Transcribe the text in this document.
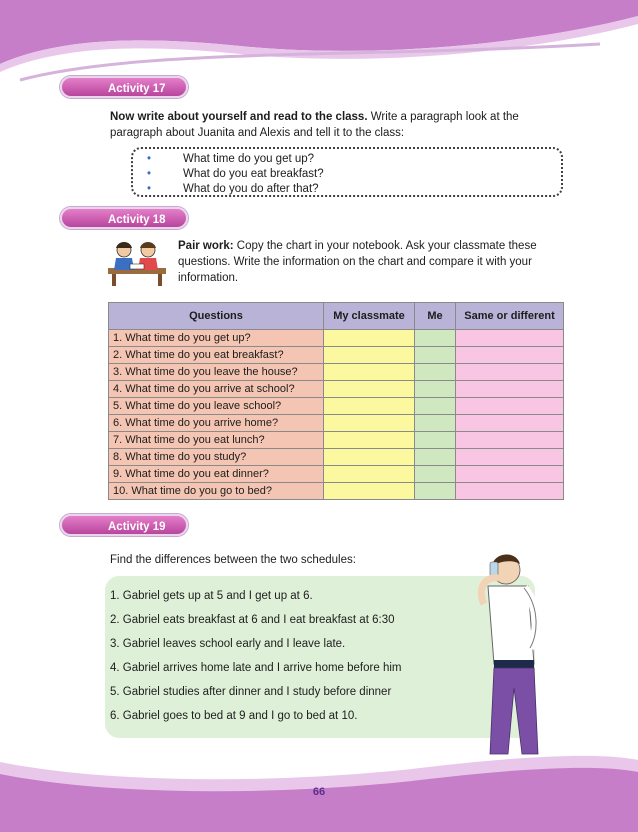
Activity 17
Now write about yourself and read to the class. Write a paragraph look at the
paragraph about Juanita and Alexis and tell it to the class:
•	What time do you get up?
•	What do you eat breakfast?
•	What do you do after that?
Activity 18
Pair work: Copy the chart in your notebook. Ask your classmate these
questions. Write the information on the chart and compare it with your
information.
Questions	My classmate	Me	Same or different
1. What time do you get up?			
2. What time do you eat breakfast?			
3. What time do you leave the house?			
4. What time do you arrive at school?			
5. What time do you leave school?			
6. What time do you arrive home?			
7. What time do you eat lunch?			
8. What time do you study?			
9. What time do you eat dinner?			
10. What time do you go to bed?			
Activity 19
Find the differences between the two schedules:
1. Gabriel gets up at 5 and I get up at 6.
2. Gabriel eats breakfast at 6 and I eat breakfast at 6:30
3. Gabriel leaves school early and I leave late.
4. Gabriel arrives home late and I arrive home before him
5. Gabriel studies after dinner and I study before dinner
6. Gabriel goes to bed at 9 and I go to bed at 10.
66
